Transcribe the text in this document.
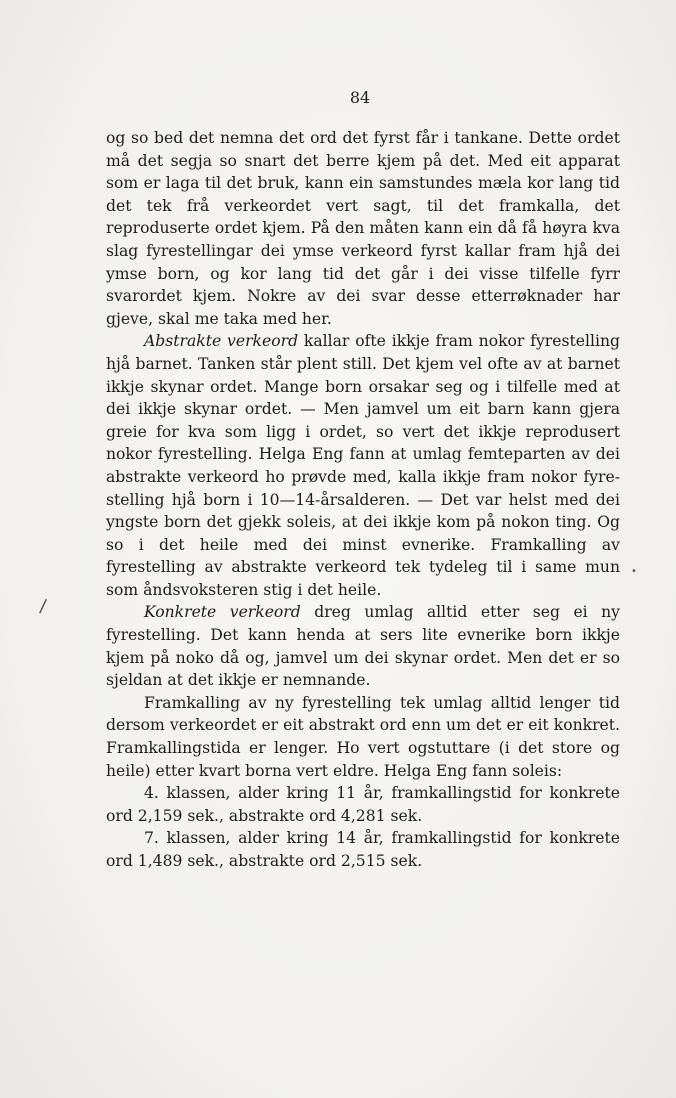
84

og so bed det nemna det ord det fyrst får i tankane. Dette ordet må det segja so snart det berre kjem på det. Med eit apparat som er laga til det bruk, kann ein samstundes mæla kor lang tid det tek frå verkeordet vert sagt, til det framkalla, det reproduserte ordet kjem. På den måten kann ein då få høyra kva slag fyrestellingar dei ymse verkeord fyrst kallar fram hjå dei ymse born, og kor lang tid det går i dei visse tilfelle fyrr svarordet kjem. Nokre av dei svar desse etterrøknader har gjeve, skal me taka med her.

Abstrakte verkeord kallar ofte ikkje fram nokor fyrestelling hjå barnet. Tanken står plent still. Det kjem vel ofte av at barnet ikkje skynar ordet. Mange born orsakar seg og i tilfelle med at dei ikkje skynar ordet. — Men jamvel um eit barn kann gjera greie for kva som ligg i ordet, so vert det ikkje reprodusert nokor fyrestelling. Helga Eng fann at umlag femteparten av dei abstrakte verkeord ho prøvde med, kalla ikkje fram nokor fyrestelling hjå born i 10—14-årsalderen. — Det var helst med dei yngste born det gjekk soleis, at dei ikkje kom på nokon ting. Og so i det heile med dei minst evnerike. Framkalling av fyrestelling av abstrakte verkeord tek tydeleg til i same mun som åndsvoksteren stig i det heile.

Konkrete verkeord dreg umlag alltid etter seg ei ny fyrestelling. Det kann henda at sers lite evnerike born ikkje kjem på noko då og, jamvel um dei skynar ordet. Men det er so sjeldan at det ikkje er nemnande.

Framkalling av ny fyrestelling tek umlag alltid lenger tid dersom verkeordet er eit abstrakt ord enn um det er eit konkret. Framkallingstida er lenger. Ho vert ogstuttare (i det store og heile) etter kvart borna vert eldre. Helga Eng fann soleis:

4. klassen, alder kring 11 år, framkallingstid for konkrete ord 2,159 sek., abstrakte ord 4,281 sek.

7. klassen, alder kring 14 år, framkallingstid for konkrete ord 1,489 sek., abstrakte ord 2,515 sek.

/
•
